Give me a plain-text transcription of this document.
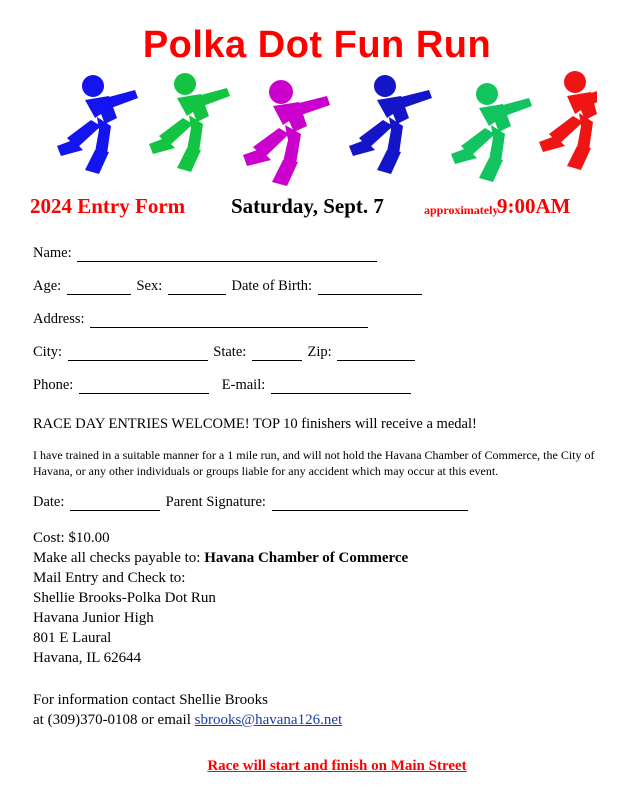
Polka Dot Fun Run
2024 Entry Form Saturday, Sept. 7	approximately
9:00AM
Name:
Age:	Sex:	Date of Birth:
Address:
City:	State:	Zip:
Phone:	E-mail:
RACE DAY ENTRIES WELCOME! TOP 10 finishers will receive a medal!
I have trained in a suitable manner for a 1 mile run, and will not hold the Havana Chamber of Commerce, the City of Havana, or any other individuals or groups liable for any accident which may occur at this event.
Date:	Parent Signature:
Cost: $10.00
Make all checks payable to: Havana Chamber of Commerce
Mail Entry and Check to:
Shellie Brooks-Polka Dot Run
Havana Junior High
801 E Laural
Havana, IL 62644
For information contact Shellie Brooks
at (309)370-0108 or email sbrooks@havana126.net
Race will start and finish on Main Street
